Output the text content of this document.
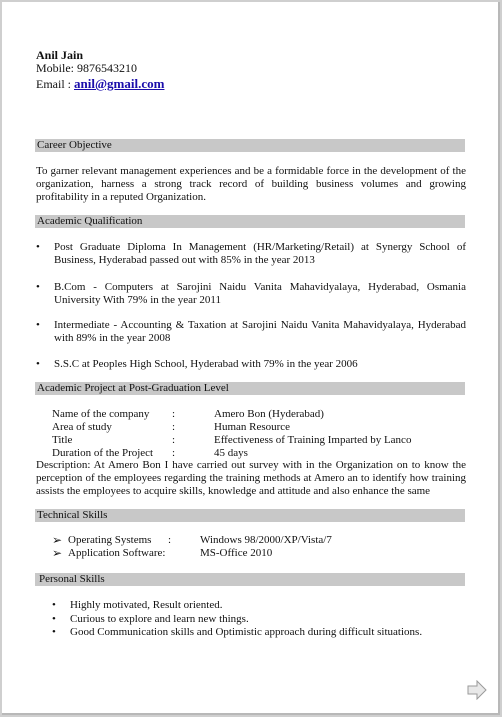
Anil Jain
Mobile: 9876543210
Email : anil@gmail.com
Career Objective
To garner relevant management experiences and be a formidable force in the development of the organization, harness a strong track record of building business volumes and growing profitability in a reputed Organization.
Academic Qualification
•	Post Graduate Diploma In Management (HR/Marketing/Retail) at Synergy School of Business, Hyderabad passed out with 85% in the year 2013
•	B.Com - Computers at Sarojini Naidu Vanita Mahavidyalaya, Hyderabad, Osmania University With 79% in the year 2011
•	Intermediate - Accounting & Taxation at Sarojini Naidu Vanita Mahavidyalaya, Hyderabad with 89% in the year 2008
•	S.S.C at Peoples High School, Hyderabad with 79% in the year 2006
Academic Project at Post-Graduation Level
Name of the company :	Amero Bon (Hyderabad)
Area of study	:	Human Resource
Title	:	Effectiveness of Training Imparted by Lanco
Duration of the Project :	45 days
Description: At Amero Bon I have carried out survey with in the Organization on to know the perception of the employees regarding the training methods at Amero an to identify how training assists the employees to acquire skills, knowledge and attitude and also enhance the same
Technical Skills
➢ Operating Systems :	Windows 98/2000/XP/Vista/7
➢ Application Software:	MS-Office 2010
Personal Skills
•	Highly motivated, Result oriented.
•	Curious to explore and learn new things.
•	Good Communication skills and Optimistic approach during difficult situations.
